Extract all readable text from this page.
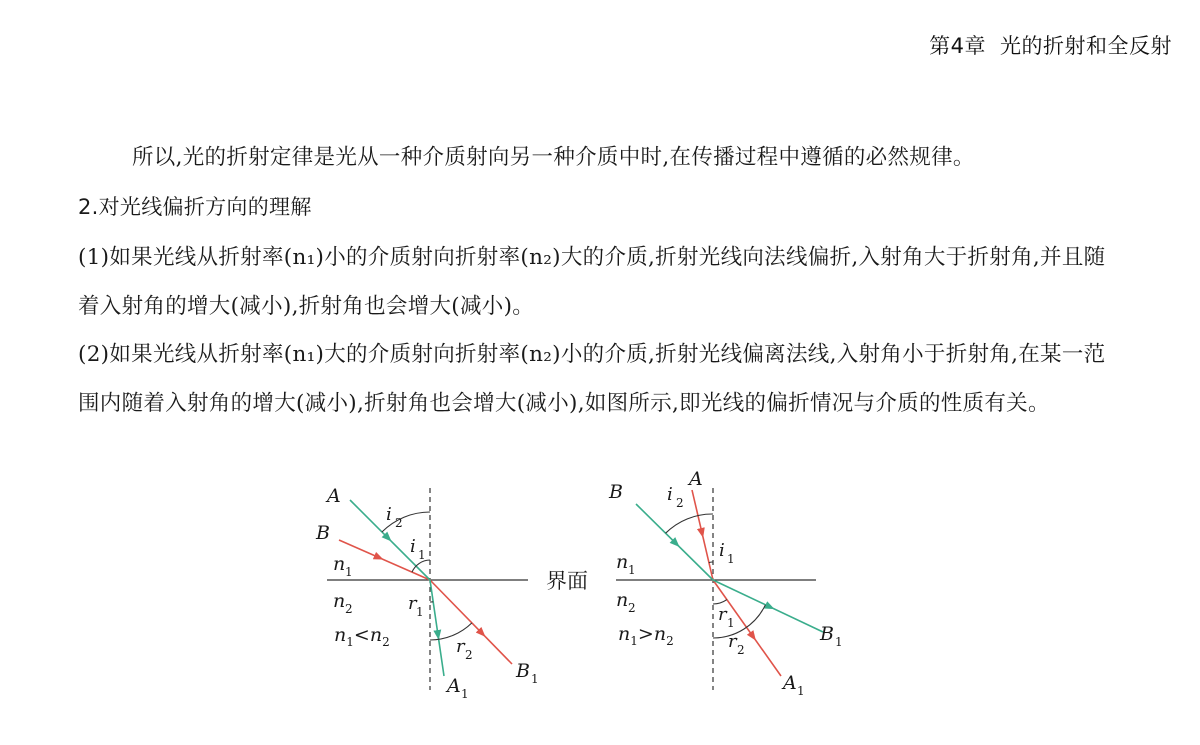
第4章 光的折射和全反射

所以,光的折射定律是光从一种介质射向另一种介质中时,在传播过程中遵循的必然规律。

2.对光线偏折方向的理解

(1)如果光线从折射率(n₁)小的介质射向折射率(n₂)大的介质,折射光线向法线偏折,入射角大于折射角,并且随着入射角的增大(减小),折射角也会增大(减小)。

(2)如果光线从折射率(n₁)大的介质射向折射率(n₂)小的介质,折射光线偏离法线,入射角小于折射角,在某一范围内随着入射角的增大(减小),折射角也会增大(减小),如图所示,即光线的偏折情况与介质的性质有关。

A
B
i 2
i 1
n 1
n 2	r 1
r 2
$n_1<n_2$
A 1
B 1
界面
B
A
i 2
i 1
n 1
n 2	r 1
r 2
$n_1>n_2$	B 1
A 1
